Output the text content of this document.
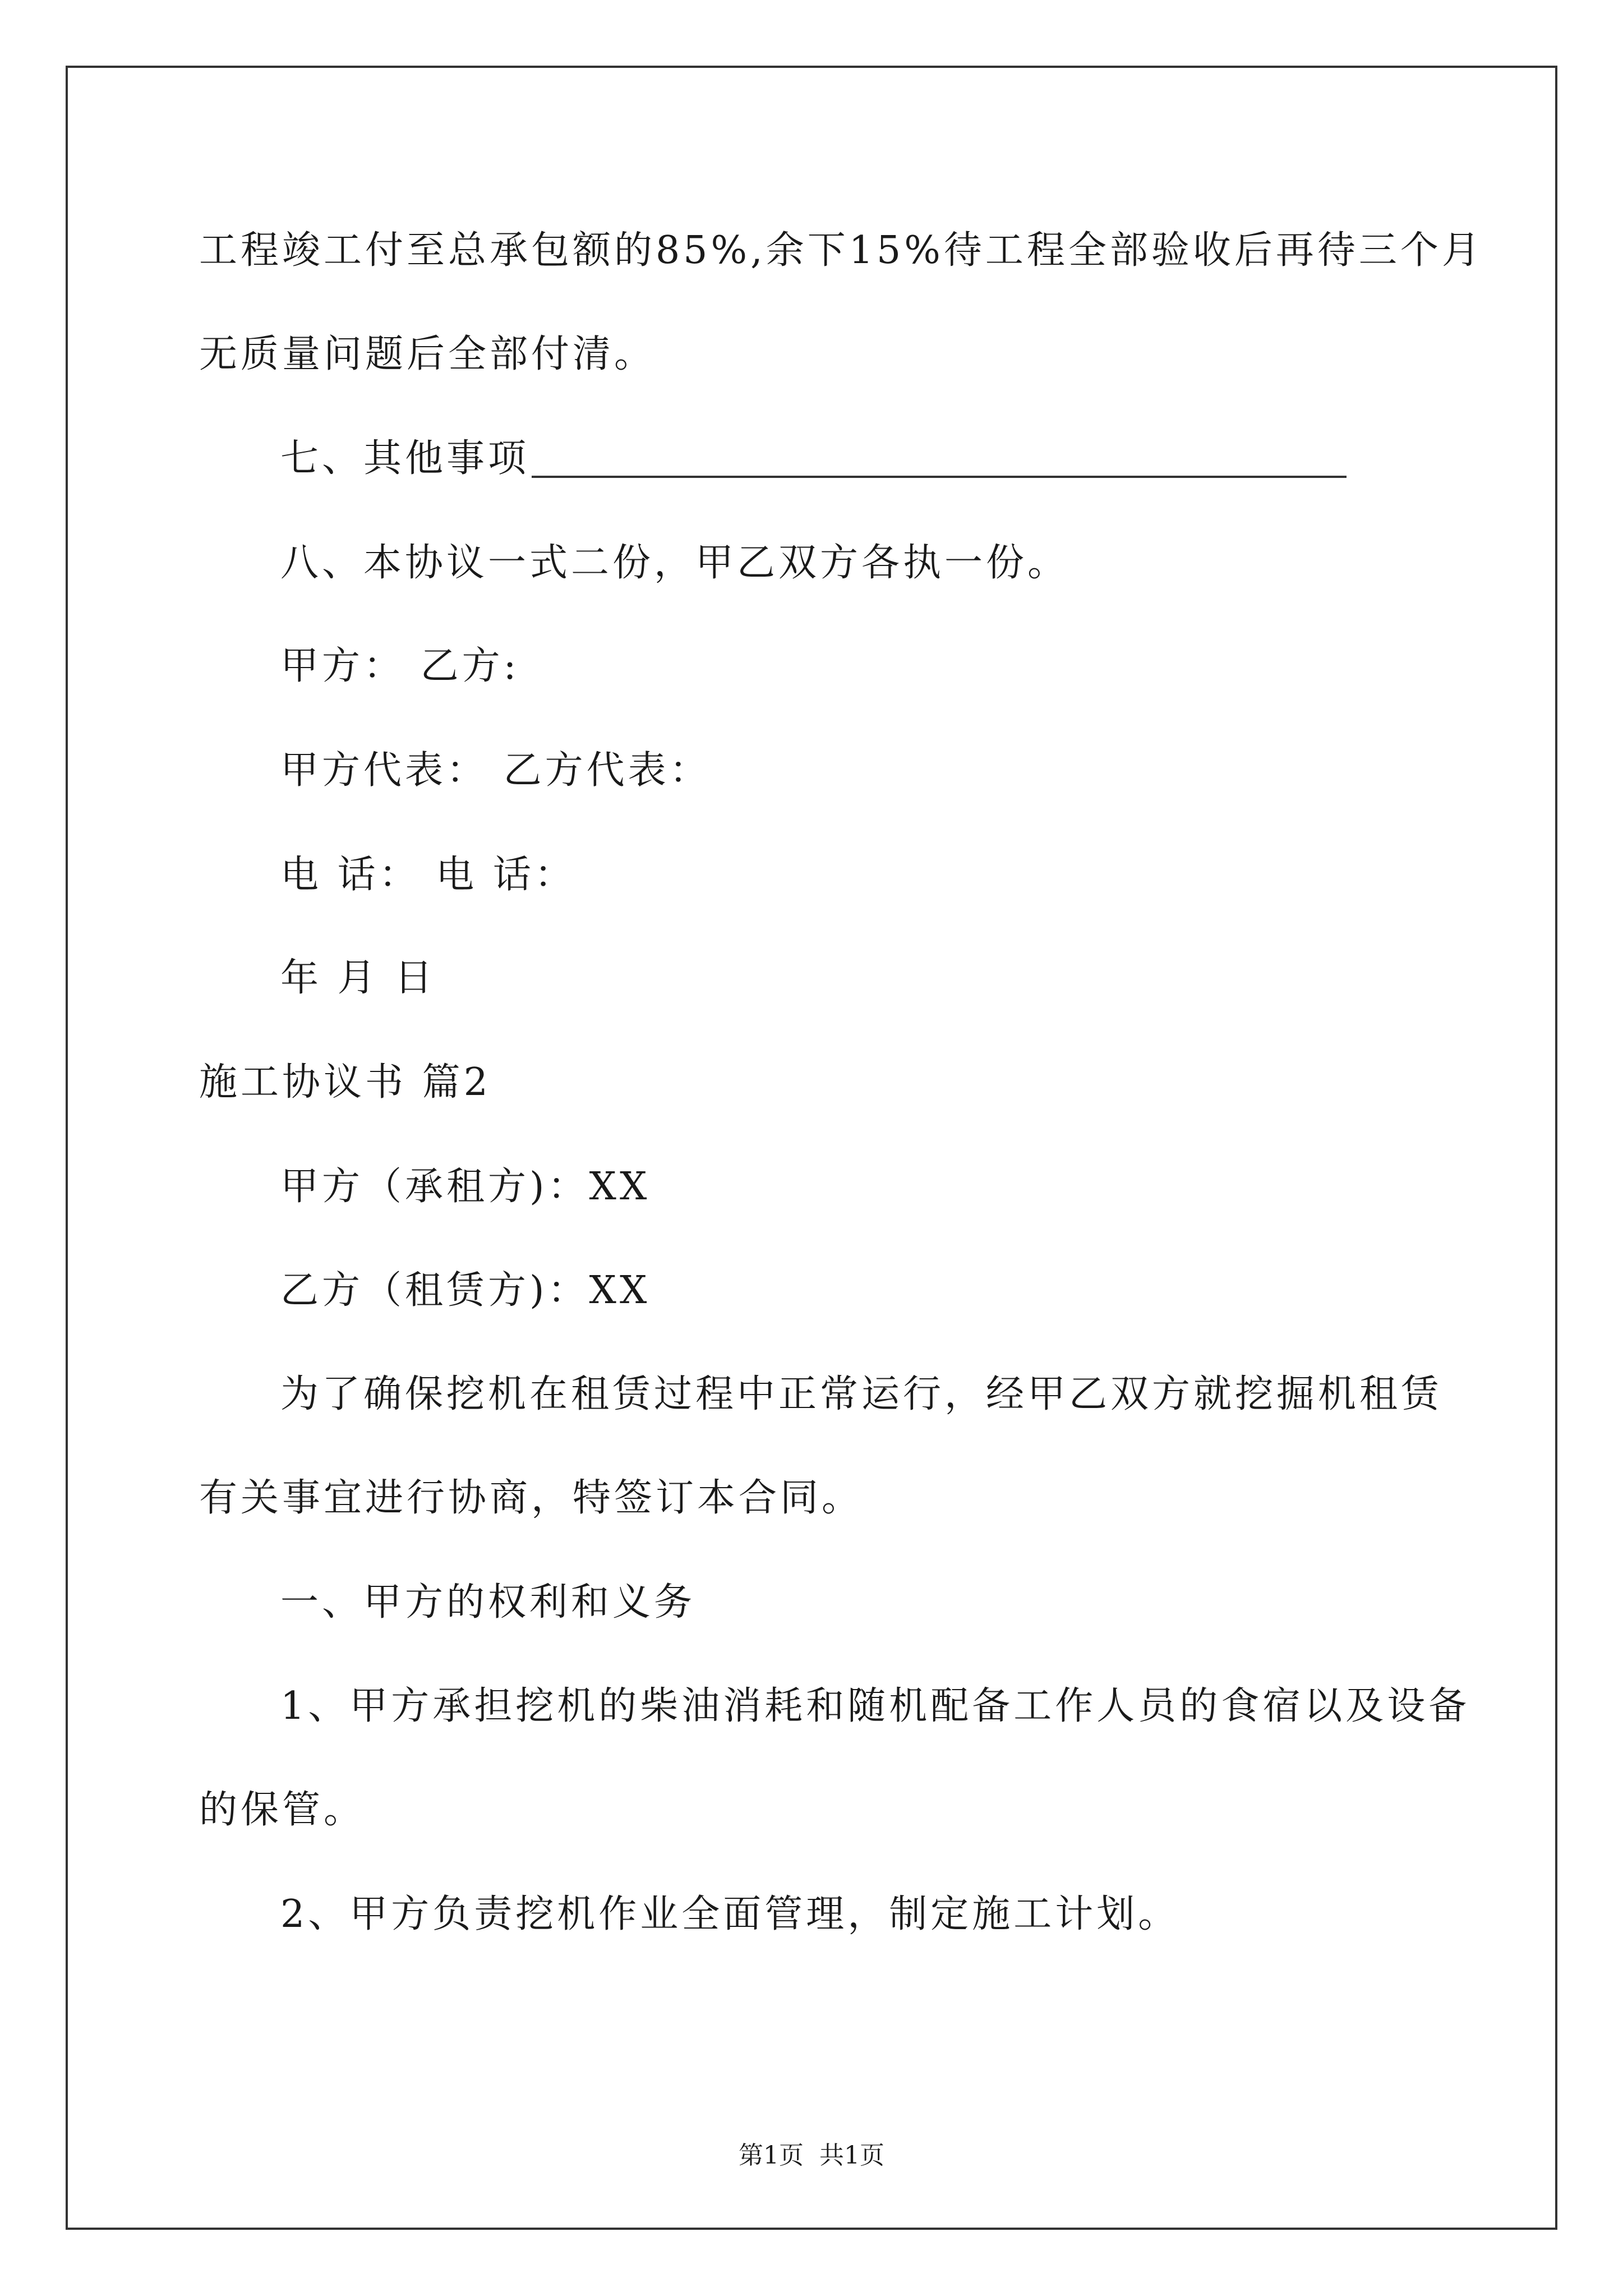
工程竣工付至总承包额的85%,余下15%待工程全部验收后再待三个月
无质量问题后全部付清。
七、其他事项
八、本协议一式二份，甲乙双方各执一份。
甲方： 乙方:
甲方代表： 乙方代表：
电 话： 电 话：
年 月 日
施工协议书 篇2
甲方（承租方)：XX
乙方（租赁方)：XX
为了确保挖机在租赁过程中正常运行，经甲乙双方就挖掘机租赁
有关事宜进行协商，特签订本合同。
一、甲方的权利和义务
1、甲方承担挖机的柴油消耗和随机配备工作人员的食宿以及设备
的保管。
2、甲方负责挖机作业全面管理，制定施工计划。
第1页 共1页
